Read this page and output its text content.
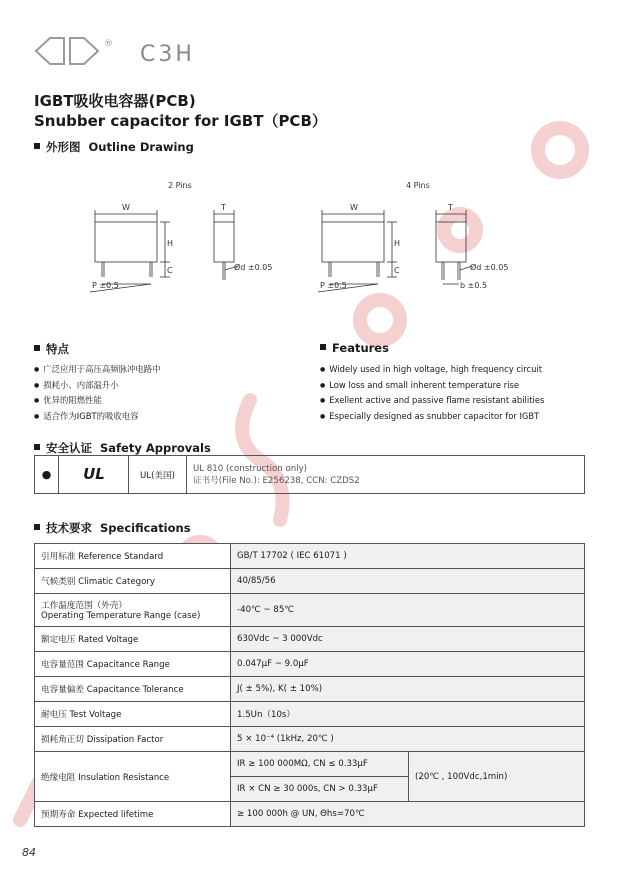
® C3H
IGBT吸收电容器(PCB)
Snubber capacitor for IGBT（PCB）
外形图 Outline Drawing
2 Pins	4 Pins
W	T	W	T
H
C
H
C
P ±0.5	P ±0.5
Ød ±0.05	Ød ±0.05
b ±0.5
特点	Features
● 广泛应用于高压高频脉冲电路中
● 损耗小、内部温升小
● 优异的阻燃性能
● 适合作为IGBT的吸收电容
● Widely used in high voltage, high frequency circuit
● Low loss and small inherent temperature rise
● Exellent active and passive flame resistant abilities
● Especially designed as snubber capacitor for IGBT
安全认证 Safety Approvals
●	UL	UL(美国)	
UL 810 (construction only)
证书号(File No.): E256238, CCN: CZDS2
技术要求 Specifications
引用标准 Reference Standard	GB/T 17702 ( IEC 61071 )	
气候类别 Climatic Category	40/85/56	

工作温度范围（外壳）
Operating Temperature Range (case)	-40℃ ~ 85℃	
额定电压 Rated Voltage	630Vdc ~ 3 000Vdc	
电容量范围 Capacitance Range	0.047μF ~ 9.0μF	
电容量偏差 Capacitance Tolerance	J( ± 5%), K( ± 10%)	
耐电压 Test Voltage	1.5Un（10s）	
损耗角正切 Dissipation Factor	5 × 10⁻⁴ (1kHz, 20℃ )	
绝缘电阻 Insulation Resistance	IR ≥ 100 000MΩ, CN ≤ 0.33μF	(20℃ , 100Vdc,1min)
	IR × CN ≥ 30 000s, CN > 0.33μF	
预期寿命 Expected lifetime	≥ 100 000h @ UN, Θhs=70℃	
84
